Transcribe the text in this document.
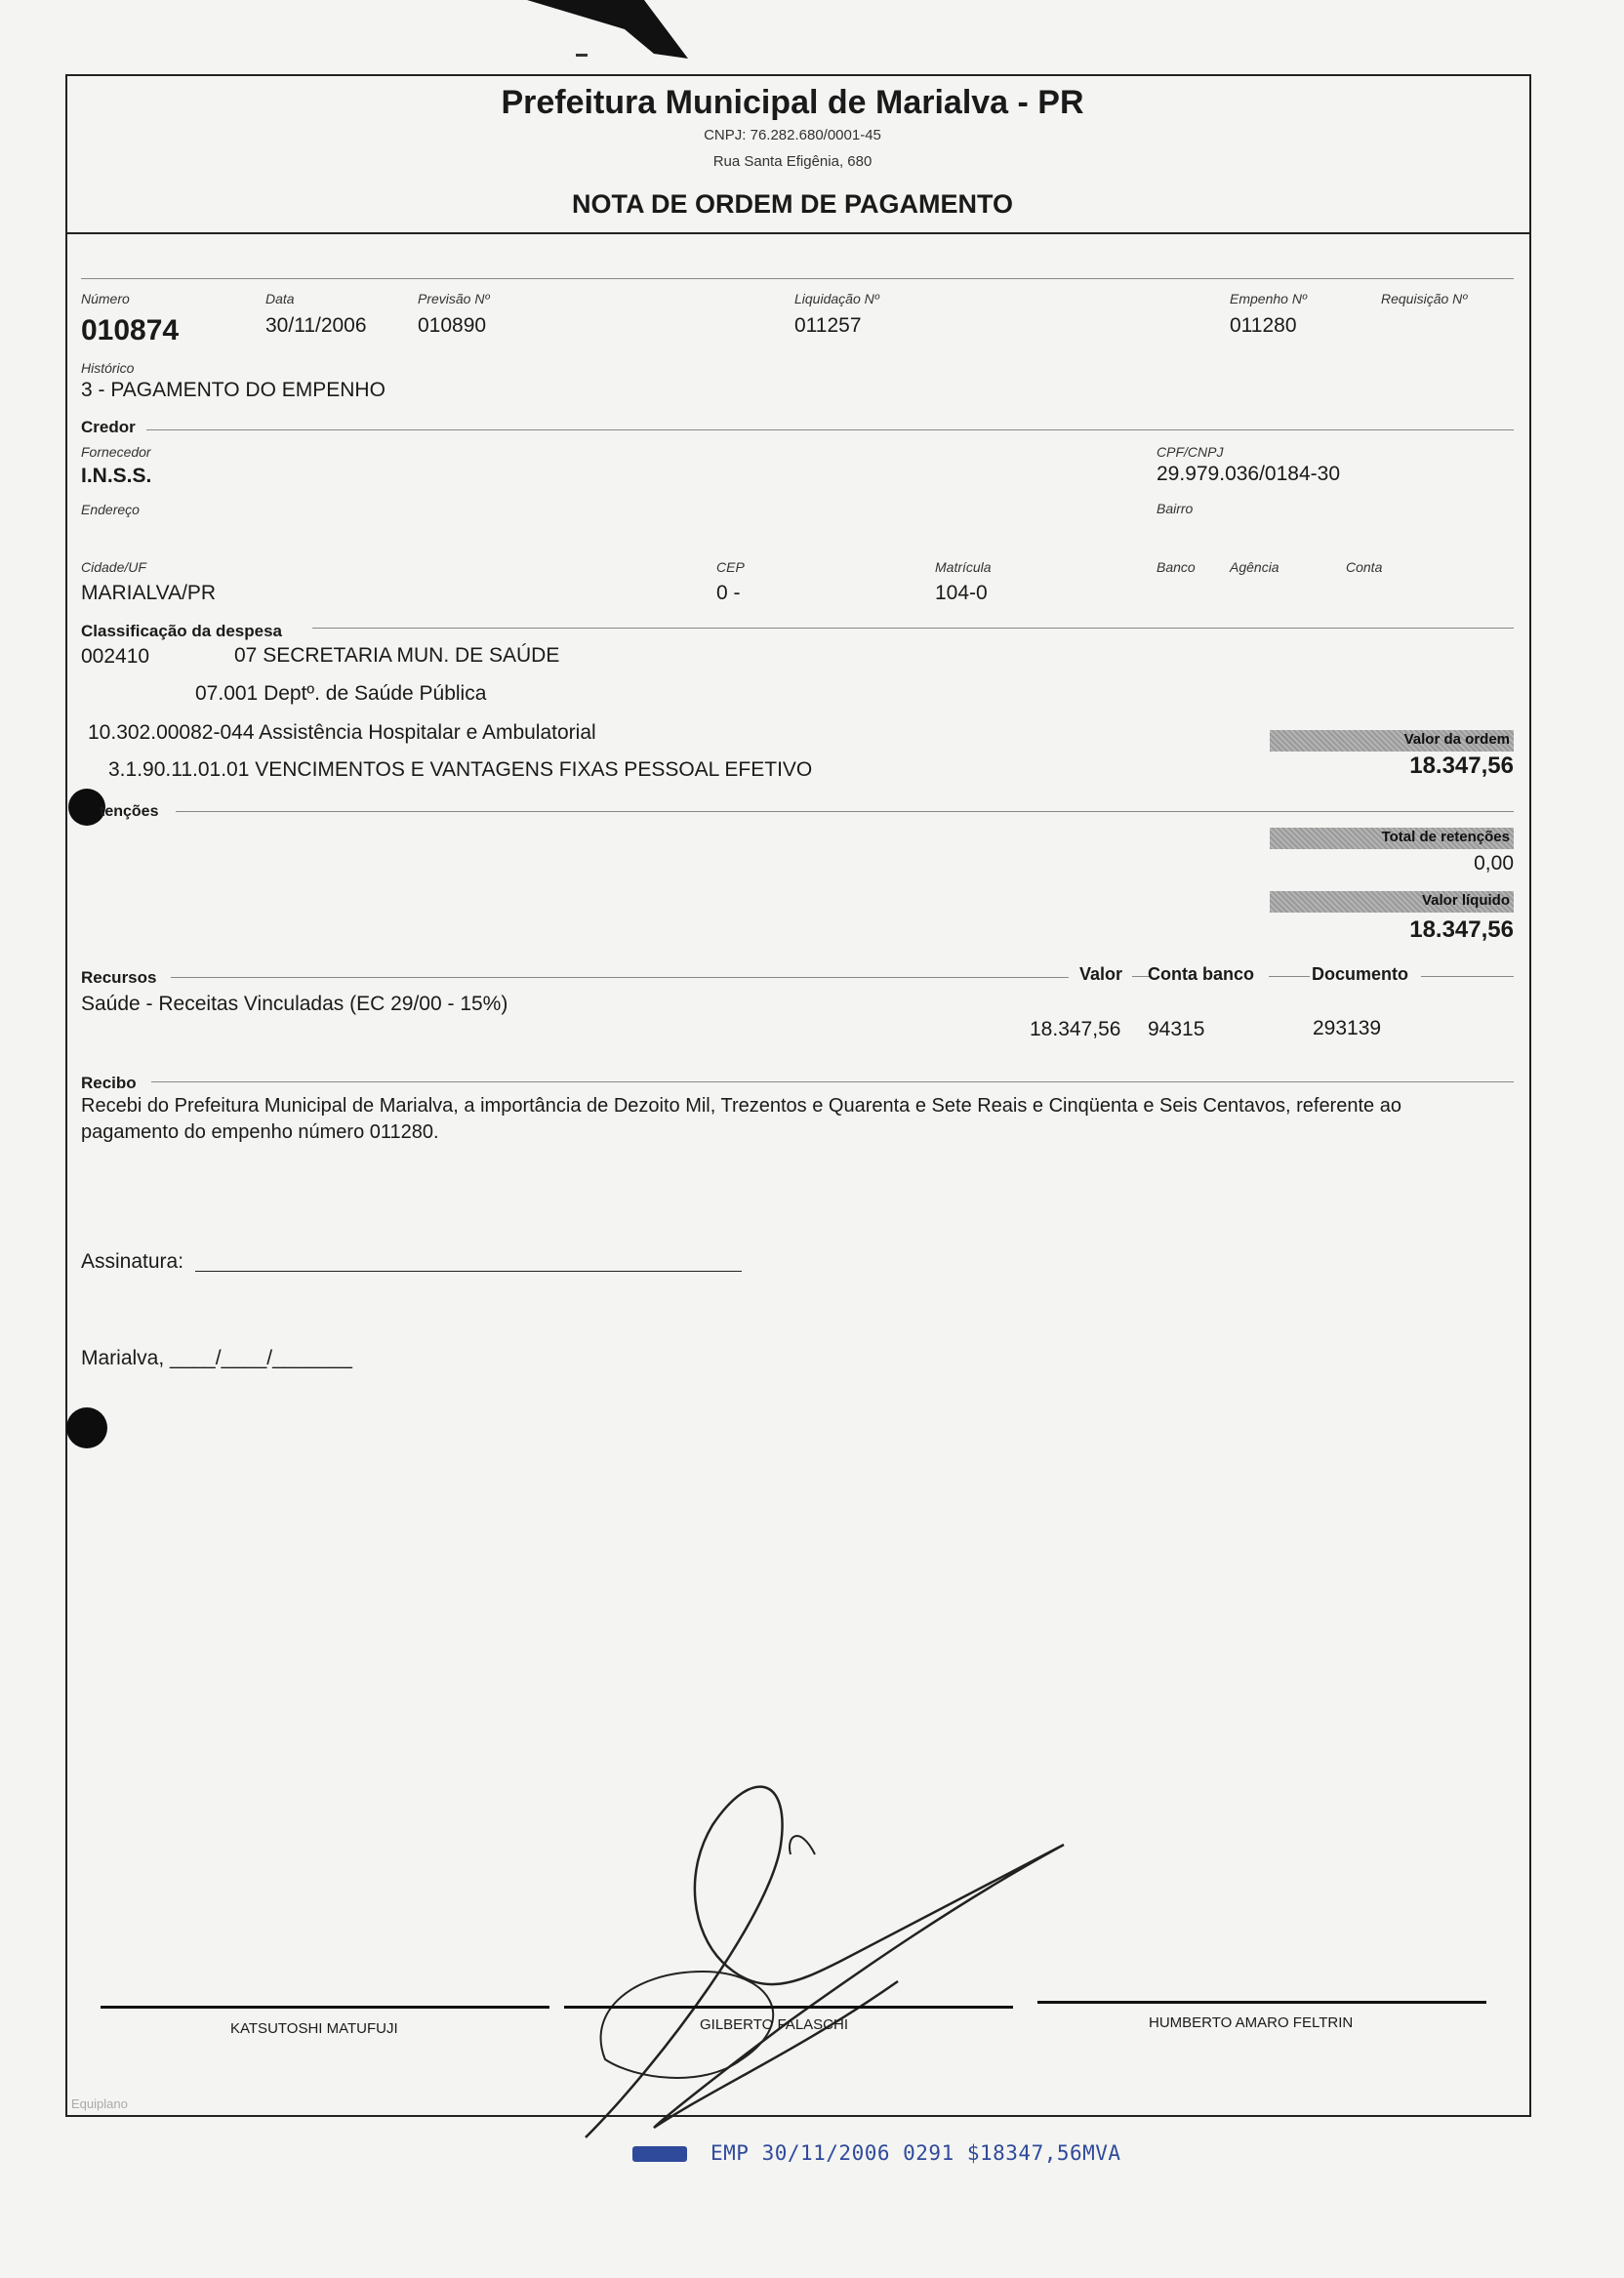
Prefeitura Municipal de Marialva - PR
CNPJ: 76.282.680/0001-45
Rua Santa Efigênia, 680
NOTA DE ORDEM DE PAGAMENTO
Número
010874
Data
30/11/2006
Previsão Nº
010890
Liquidação Nº
011257
Empenho Nº
011280
Requisição Nº
Histórico
3 - PAGAMENTO DO EMPENHO
Credor
Fornecedor
I.N.S.S.
CPF/CNPJ
29.979.036/0184-30
Endereço	Bairro
Cidade/UF
MARIALVA/PR
CEP
0 -
Matrícula
104-0
Banco	Agência	Conta
Classificação da despesa
002410	07 SECRETARIA MUN. DE SAÚDE
07.001 Deptº. de Saúde Pública
10.302.00082-044 Assistência Hospitalar e Ambulatorial
3.1.90.11.01.01 VENCIMENTOS E VANTAGENS FIXAS PESSOAL EFETIVO
Valor da ordem
18.347,56
tenções
Total de retenções
0,00
Valor líquido
18.347,56
Recursos	Valor Conta banco	Documento
Saúde - Receitas Vinculadas (EC 29/00 - 15%)
18.347,56 94315	293139
Recibo
Recebi do Prefeitura Municipal de Marialva, a importância de Dezoito Mil, Trezentos e Quarenta e Sete Reais e Cinqüenta e Seis Centavos, referente ao pagamento do empenho número 011280.
Assinatura:
Marialva, ____/____/_______
KATSUTOSHI MATUFUJI	GILBERTO FALASCHI	HUMBERTO AMARO FELTRIN
Equiplano
EMP 30/11/2006 0291 $18347,56MVA
